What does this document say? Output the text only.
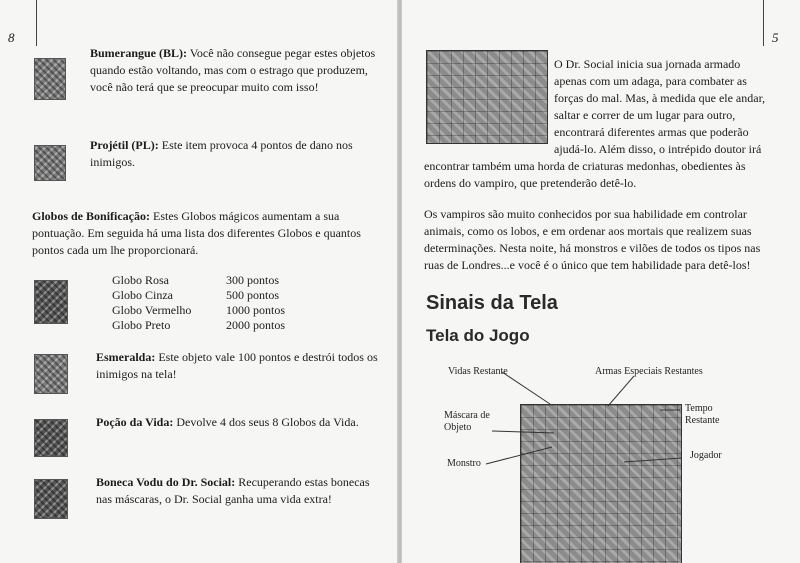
8
Bumerangue (BL): Você não consegue pegar estes objetos quando estão voltando, mas com o estrago que produzem, você não terá que se preocupar muito com isso!
Projétil (PL): Este item provoca 4 pontos de dano nos inimigos.
Globos de Bonificação: Estes Globos mágicos aumentam a sua pontuação. Em seguida há uma lista dos diferentes Globos e quantos pontos cada um lhe proporcionará.
Globo Rosa	300 pontos
Globo Cinza	500 pontos
Globo Vermelho	1000 pontos
Globo Preto	2000 pontos
Esmeralda: Este objeto vale 100 pontos e destrói todos os inimigos na tela!
Poção da Vida: Devolve 4 dos seus 8 Globos da Vida.
Boneca Vodu do Dr. Social: Recuperando estas bonecas nas máscaras, o Dr. Social ganha uma vida extra!
5
O Dr. Social inicia sua jornada armado apenas com um adaga, para combater as forças do mal. Mas, à medida que ele andar, saltar e correr de um lugar para outro, encontrará diferentes armas que poderão ajudá-lo. Além disso, o intrépido doutor irá encontrar também uma horda de criaturas medonhas, obedientes às ordens do vampiro, que pretenderão detê-lo.
Os vampiros são muito conhecidos por sua habilidade em controlar animais, como os lobos, e em ordenar aos mortais que realizem suas determinações. Nesta noite, há monstros e vilões de todos os tipos nas ruas de Londres...e você é o único que tem habilidade para detê-los!
Sinais da Tela
Tela do Jogo
Vidas Restante	Armas Especiais Restantes
Máscara de Objeto
Tempo Restante
Monstro
Jogador
